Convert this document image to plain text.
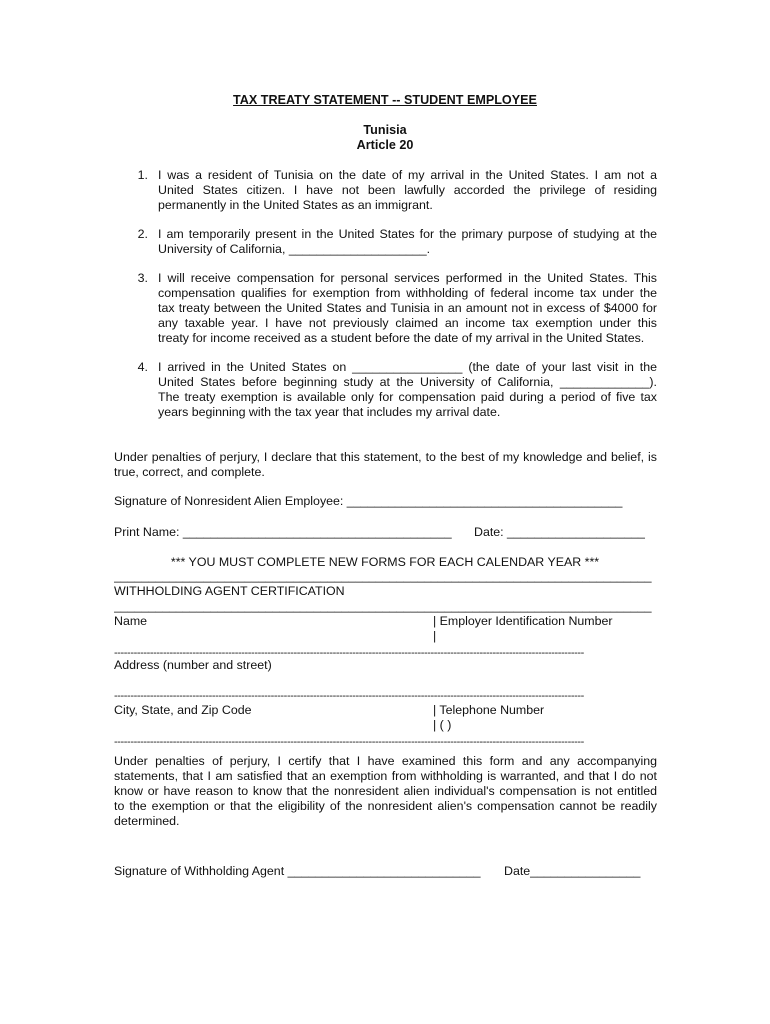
TAX TREATY STATEMENT -- STUDENT EMPLOYEE
Tunisia
Article 20
1. I was a resident of Tunisia on the date of my arrival in the United States. I am not a
United States citizen. I have not been lawfully accorded the privilege of residing
permanently in the United States as an immigrant.
2. I am temporarily present in the United States for the primary purpose of studying at the
University of California, ____________________.
3. I will receive compensation for personal services performed in the United States. This
compensation qualifies for exemption from withholding of federal income tax under the
tax treaty between the United States and Tunisia in an amount not in excess of $4000 for
any taxable year. I have not previously claimed an income tax exemption under this
treaty for income received as a student before the date of my arrival in the United States.
4. I arrived in the United States on ________________ (the date of your last visit in the
United States before beginning study at the University of California, _____________).
The treaty exemption is available only for compensation paid during a period of five tax
years beginning with the tax year that includes my arrival date.
Under penalties of perjury, I declare that this statement, to the best of my knowledge and belief, is
true, correct, and complete.
Signature of Nonresident Alien Employee: ________________________________________
Print Name: _______________________________________ Date: ____________________
*** YOU MUST COMPLETE NEW FORMS FOR EACH CALENDAR YEAR ***
______________________________________________________________________________
WITHHOLDING AGENT CERTIFICATION
______________________________________________________________________________
Name	| Employer Identification Number
|
------------------------------------------------------------------------------------------------------------------------------------------------
Address (number and street)
------------------------------------------------------------------------------------------------------------------------------------------------
City, State, and Zip Code	| Telephone Number
| ( )
------------------------------------------------------------------------------------------------------------------------------------------------
Under penalties of perjury, I certify that I have examined this form and any accompanying
statements, that I am satisfied that an exemption from withholding is warranted, and that I do not
know or have reason to know that the nonresident alien individual's compensation is not entitled
to the exemption or that the eligibility of the nonresident alien's compensation cannot be readily
determined.
Signature of Withholding Agent ____________________________ Date________________
